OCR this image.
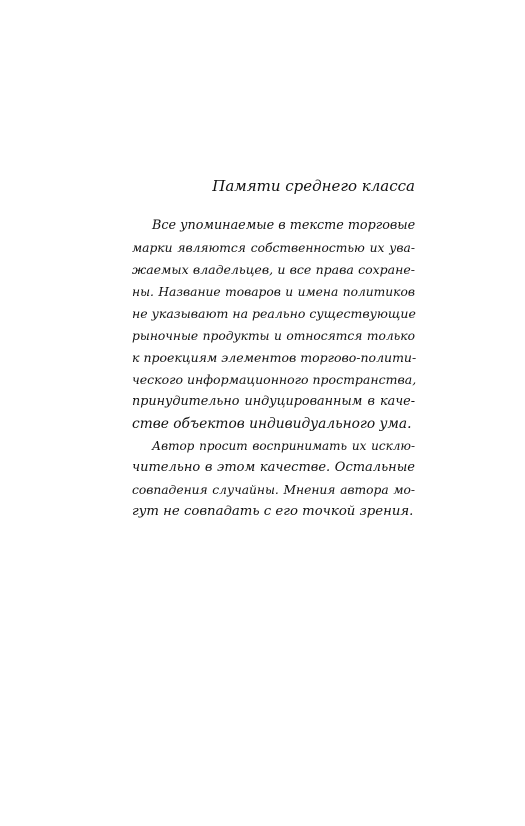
Памяти среднего класса

Все упоминаемые в тексте торговые
марки являются собственностью их ува-
жаемых владельцев, и все права сохране-
ны. Название товаров и имена политиков
не указывают на реально существующие
рыночные продукты и относятся только
к проекциям элементов торгово-полити-
ческого информационного пространства,
принудительно индуцированным в каче-
стве объектов индивидуального ума.
Автор просит воспринимать их исклю-
чительно в этом качестве. Остальные
совпадения случайны. Мнения автора мо-
гут не совпадать с его точкой зрения.
